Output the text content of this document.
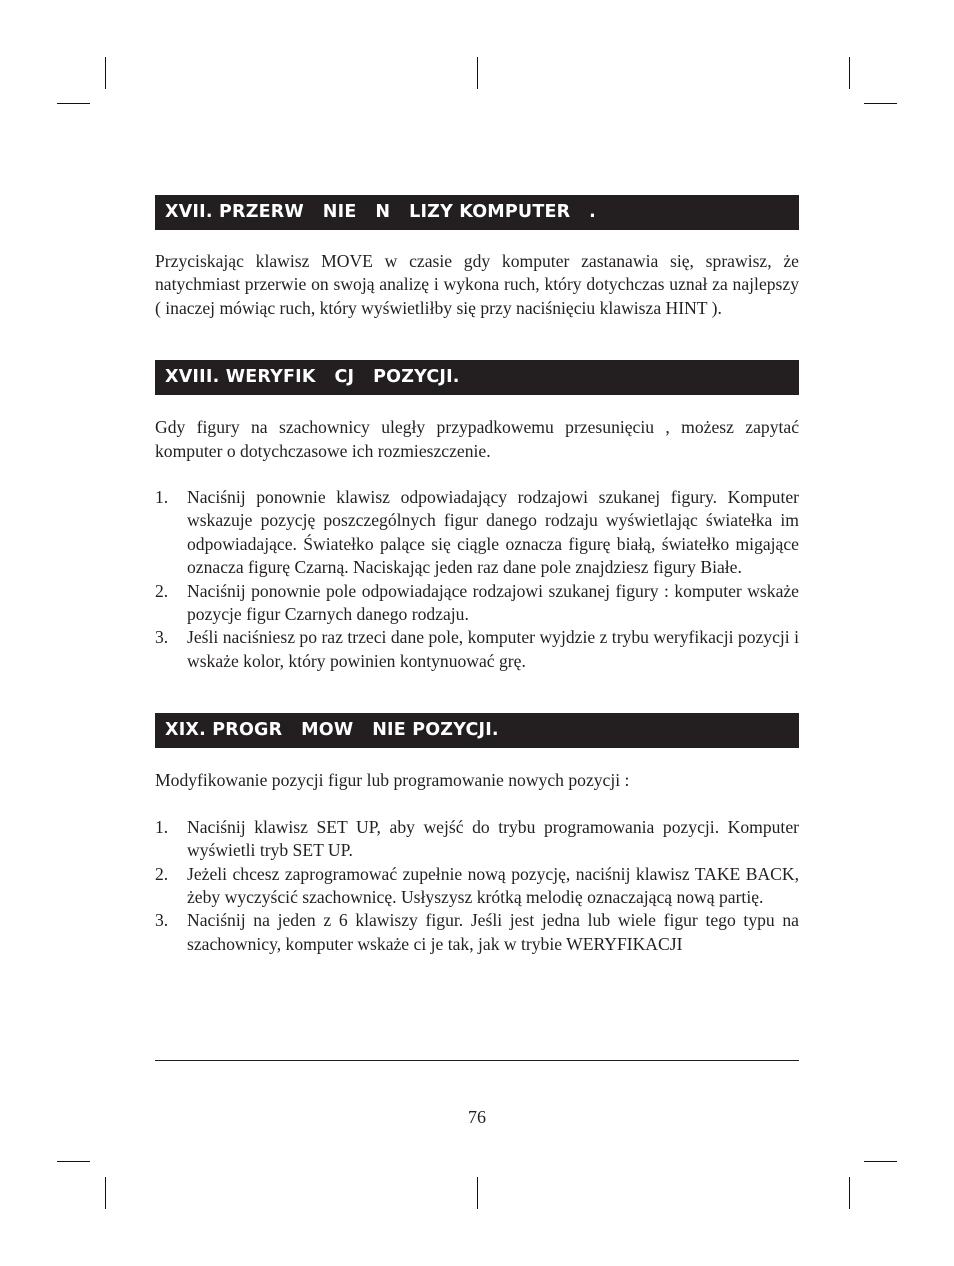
XVII. PRZERW   NIE   N   LIZY KOMPUTER   .

Przyciskając klawisz MOVE w czasie gdy komputer zastanawia się, sprawisz, że natychmiast przerwie on swoją analizę i wykona ruch, który dotychczas uznał za najlepszy ( inaczej mówiąc ruch, który wyświetliłby się przy naciśnięciu klawisza HINT ).

XVIII. WERYFIK   CJ   POZYCJI.

Gdy figury na szachownicy uległy przypadkowemu przesunięciu , możesz zapytać komputer o dotychczasowe ich rozmieszczenie.

1. Naciśnij ponownie klawisz odpowiadający rodzajowi szukanej figury. Komputer wskazuje pozycję poszczególnych figur danego rodzaju wyświetlając światełka im odpowiadające. Światełko palące się ciągle oznacza figurę białą, światełko migające oznacza figurę Czarną. Naciskając jeden raz dane pole znajdziesz figury Białe.
2. Naciśnij ponownie pole odpowiadające rodzajowi szukanej figury : komputer wskaże pozycje figur Czarnych danego rodzaju.
3. Jeśli naciśniesz po raz trzeci dane pole, komputer wyjdzie z trybu weryfikacji pozycji i wskaże kolor, który powinien kontynuować grę.
XIX. PROGR   MOW   NIE POZYCJI.

Modyfikowanie pozycji figur lub programowanie nowych pozycji :

1. Naciśnij klawisz SET UP, aby wejść do trybu programowania pozycji. Komputer wyświetli tryb SET UP.
2. Jeżeli chcesz zaprogramować zupełnie nową pozycję, naciśnij klawisz TAKE BACK, żeby wyczyścić szachownicę. Usłyszysz krótką melodię oznaczającą nową partię.
3. Naciśnij na jeden z 6 klawiszy figur. Jeśli jest jedna lub wiele figur tego typu na szachownicy, komputer wskaże ci je tak, jak w trybie WERYFIKACJI
76
